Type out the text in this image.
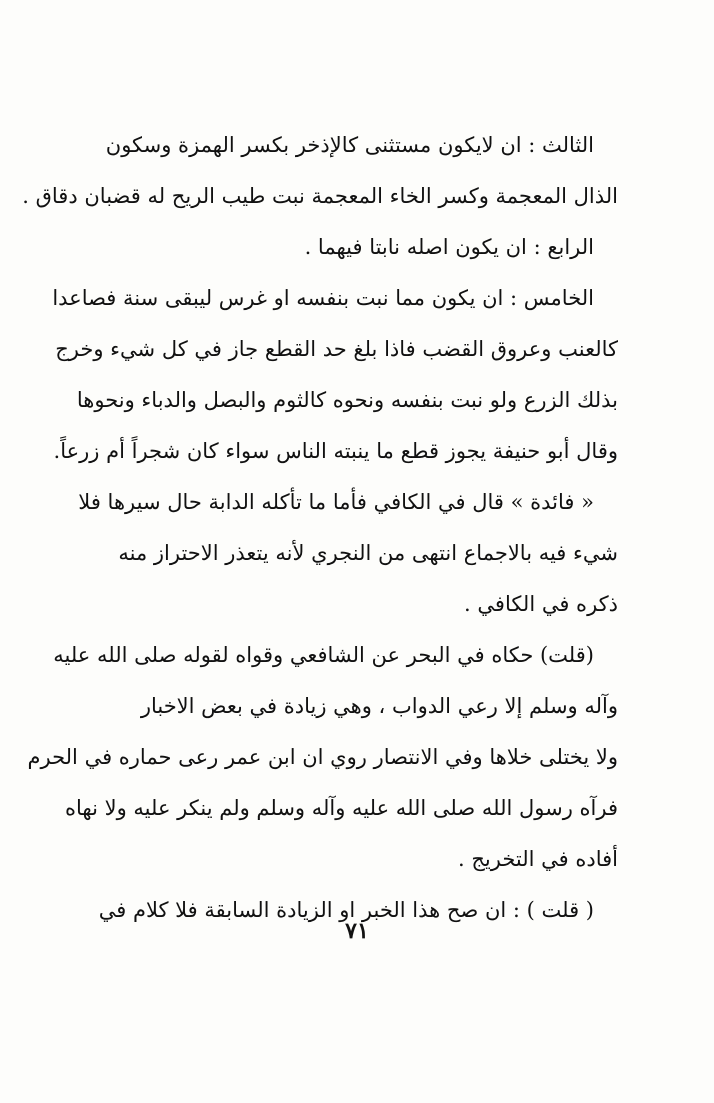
الثالث : ان لايكون مستثنى كالإذخر بكسر الهمزة وسكون
الذال المعجمة وكسر الخاء المعجمة نبت طيب الريح له قضبان دقاق .
الرابع : ان يكون اصله نابتا فيهما .
الخامس : ان يكون مما نبت بنفسه او غرس ليبقى سنة فصاعدا
كالعنب وعروق القضب فاذا بلغ حد القطع جاز في كل شيء وخرج
بذلك الزرع ولو نبت بنفسه ونحوه كالثوم والبصل والدباء ونحوها
وقال أبو حنيفة يجوز قطع ما ينبته الناس سواء كان شجراً أم زرعاً.
« فائدة » قال في الكافي فأما ما تأكله الدابة حال سيرها فلا
شيء فيه بالاجماع انتهى من النجري لأنه يتعذر الاحتراز منه
ذكره في الكافي .
(قلت) حكاه في البحر عن الشافعي وقواه لقوله صلى الله عليه
وآله وسلم إلا رعي الدواب ، وهي زيادة في بعض الاخبار
ولا يختلى خلاها وفي الانتصار روي ان ابن عمر رعى حماره في الحرم
فرآه رسول الله صلى الله عليه وآله وسلم ولم ينكر عليه ولا نهاه
أفاده في التخريج .
( قلت ) : ان صح هذا الخبر او الزيادة السابقة فلا كلام في
٧١
